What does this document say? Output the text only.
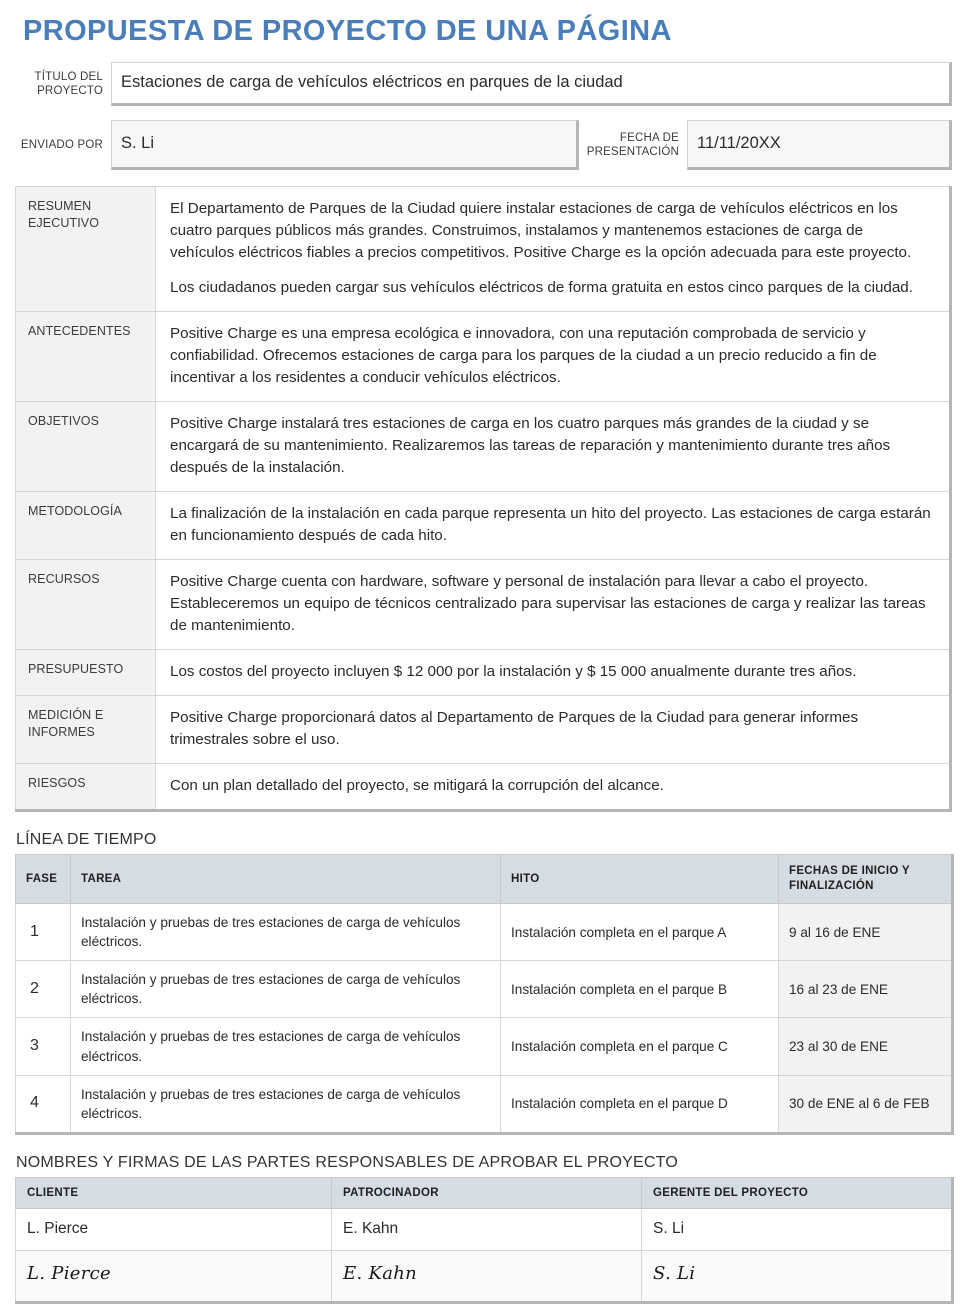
PROPUESTA DE PROYECTO DE UNA PÁGINA
TÍTULO DEL PROYECTO	Estaciones de carga de vehículos eléctricos en parques de la ciudad
ENVIADO POR	S. Li	FECHA DE PRESENTACIÓN	11/11/20XX
RESUMEN EJECUTIVO	El Departamento de Parques de la Ciudad quiere instalar estaciones de carga de vehículos eléctricos en los cuatro parques públicos más grandes. Construimos, instalamos y mantenemos estaciones de carga de vehículos eléctricos fiables a precios competitivos. Positive Charge es la opción adecuada para este proyecto.

Los ciudadanos pueden cargar sus vehículos eléctricos de forma gratuita en estos cinco parques de la ciudad.

ANTECEDENTES	Positive Charge es una empresa ecológica e innovadora, con una reputación comprobada de servicio y confiabilidad. Ofrecemos estaciones de carga para los parques de la ciudad a un precio reducido a fin de incentivar a los residentes a conducir vehículos eléctricos.

OBJETIVOS	Positive Charge instalará tres estaciones de carga en los cuatro parques más grandes de la ciudad y se encargará de su mantenimiento. Realizaremos las tareas de reparación y mantenimiento durante tres años después de la instalación.

METODOLOGÍA	La finalización de la instalación en cada parque representa un hito del proyecto. Las estaciones de carga estarán en funcionamiento después de cada hito.

RECURSOS	Positive Charge cuenta con hardware, software y personal de instalación para llevar a cabo el proyecto. Estableceremos un equipo de técnicos centralizado para supervisar las estaciones de carga y realizar las tareas de mantenimiento.

PRESUPUESTO	Los costos del proyecto incluyen $ 12 000 por la instalación y $ 15 000 anualmente durante tres años.

MEDICIÓN E INFORMES	Positive Charge proporcionará datos al Departamento de Parques de la Ciudad para generar informes trimestrales sobre el uso.

RIESGOS	Con un plan detallado del proyecto, se mitigará la corrupción del alcance.

LÍNEA DE TIEMPO
FASE	TAREA	HITO	FECHAS DE INICIO Y FINALIZACIÓN
1	Instalación y pruebas de tres estaciones de carga de vehículos eléctricos.	Instalación completa en el parque A	9 al 16 de ENE
2	Instalación y pruebas de tres estaciones de carga de vehículos eléctricos.	Instalación completa en el parque B	16 al 23 de ENE
3	Instalación y pruebas de tres estaciones de carga de vehículos eléctricos.	Instalación completa en el parque C	23 al 30 de ENE
4	Instalación y pruebas de tres estaciones de carga de vehículos eléctricos.	Instalación completa en el parque D	30 de ENE al 6 de FEB
NOMBRES Y FIRMAS DE LAS PARTES RESPONSABLES DE APROBAR EL PROYECTO
CLIENTE	PATROCINADOR	GERENTE DEL PROYECTO
L. Pierce	E. Kahn	S. Li
L. Pierce	E. Kahn	S. Li
